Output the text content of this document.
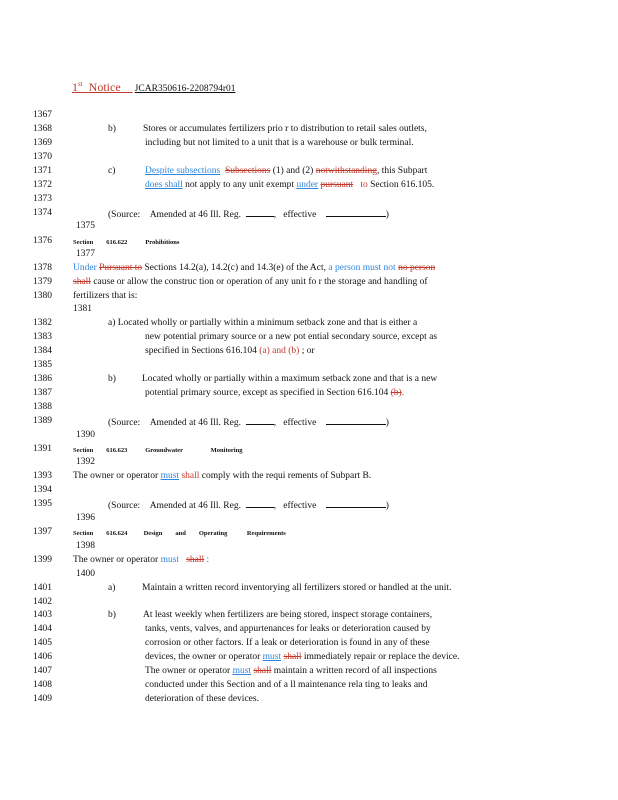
1st Notice JCAR350616-2208794r01
1367
1368
1369
1370
1371
1372
1373
1374
1376
1378
1379
1380
1382
1383
1384
1385
1386
1387
1388
1389
1391
1393
1394
1395
1397
1399
1401
1402
1403
1404
1405
1406
1407
1408
1409
b)	Stores or accumulates fertilizers prio r to distribution to retail sales outlets,
including but not limited to a unit that is a warehouse or bulk terminal.
c)	Despite subsections Subsections (1) and (2) notwithstanding, this Subpart
does shall not apply to any unit exempt under pursuant to Section 616.105.
(Source: Amended at 46 Ill. Reg.	,   effective	)
1375
Section 616.622	Prohibitions
1377
Under Pursuant to Sections 14.2(a), 14.2(c) and 14.3(e) of the Act, a person must not no person
shall cause or allow the construc tion or operation of any unit fo r the storage and handling of
fertilizers that is:
1381
a) Located wholly or partially within a minimum setback zone and that is either a
new potential primary source or a new pot ential secondary source, except as
specified in Sections 616.104 (a) and (b) ; or
b)	Located wholly or partially within a maximum setback zone and that is a new
potential primary source, except as specified in Section 616.104 (b).
(Source: Amended at 46 Ill. Reg.	,   effective	)
1390
Section 616.623	Groundwater	Monitoring
1392
The owner or operator must shall comply with the requi rements of Subpart B.
(Source: Amended at 46 Ill. Reg.	,   effective	)
1396
Section 616.624	Design and Operating	Requirements
1398
The owner or operator must shall :
1400
a)	Maintain a written record inventorying all fertilizers stored or handled at the unit.
b)	At least weekly when fertilizers are being stored, inspect storage containers,
tanks, vents, valves, and appurtenances for leaks or deterioration caused by
corrosion or other factors. If a leak or deterioration is found in any of these
devices, the owner or operator must shall immediately repair or replace the device.
The owner or operator must shall maintain a written record of all inspections
conducted under this Section and of a ll maintenance rela ting to leaks and
deterioration of these devices.
